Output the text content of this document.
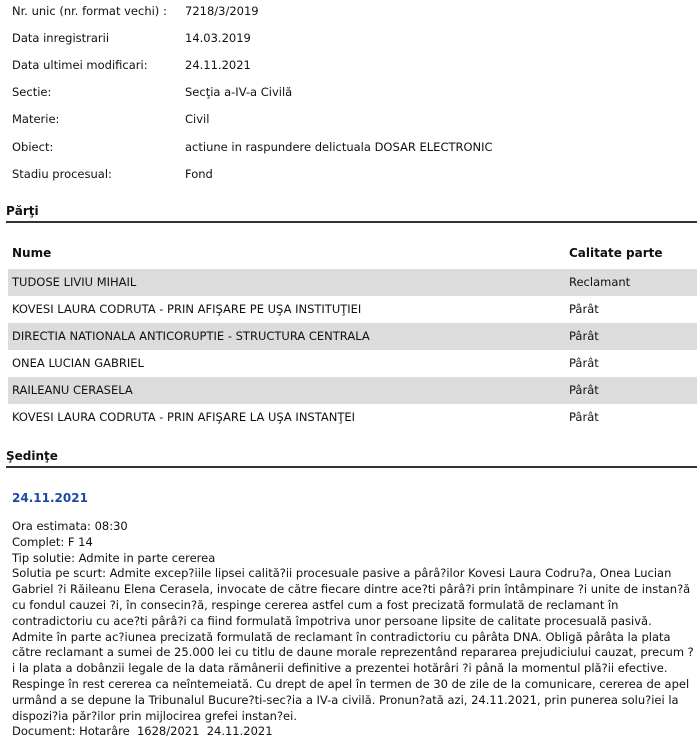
Nr. unic (nr. format vechi) :	7218/3/2019
Data inregistrarii	14.03.2019
Data ultimei modificari:	24.11.2021
Sectie:	Secţia a-IV-a Civilă
Materie:	Civil
Obiect:	actiune in raspundere delictuala DOSAR ELECTRONIC
Stadiu procesual:	Fond
Părţi
Nume	Calitate parte
TUDOSE LIVIU MIHAIL	Reclamant
KOVESI LAURA CODRUTA - PRIN AFIŞARE PE UŞA INSTITUŢIEI	Pârât
DIRECTIA NATIONALA ANTICORUPTIE - STRUCTURA CENTRALA	Pârât
ONEA LUCIAN GABRIEL	Pârât
RAILEANU CERASELA	Pârât
KOVESI LAURA CODRUTA - PRIN AFIŞARE LA UŞA INSTANŢEI	Pârât
Şedinţe
24.11.2021
Ora estimata: 08:30
Complet: F 14
Tip solutie: Admite in parte cererea
Solutia pe scurt: Admite excep?iile lipsei calită?ii procesuale pasive a pârâ?ilor Kovesi Laura Codru?a, Onea Lucian Gabriel ?i Răileanu Elena Cerasela, invocate de către fiecare dintre ace?ti pârâ?i prin întâmpinare ?i unite de instan?ă cu fondul cauzei ?i, în consecin?ă, respinge cererea astfel cum a fost precizată formulată de reclamant în contradictoriu cu ace?ti pârâ?i ca fiind formulată împotriva unor persoane lipsite de calitate procesuală pasivă. Admite în parte ac?iunea precizată formulată de reclamant în contradictoriu cu pârâta DNA. Obligă pârâta la plata către reclamant a sumei de 25.000 lei cu titlu de daune morale reprezentând repararea prejudiciului cauzat, precum ?i la plata a dobânzii legale de la data rămânerii definitive a prezentei hotărâri ?i până la momentul plă?ii efective. Respinge în rest cererea ca neîntemeiată. Cu drept de apel în termen de 30 de zile de la comunicare, cererea de apel urmând a se depune la Tribunalul Bucure?ti-sec?ia a IV-a civilă. Pronun?ată azi, 24.11.2021, prin punerea solu?iei la dispozi?ia păr?ilor prin mijlocirea grefei instan?ei.
Document: Hotarâre  1628/2021  24.11.2021
